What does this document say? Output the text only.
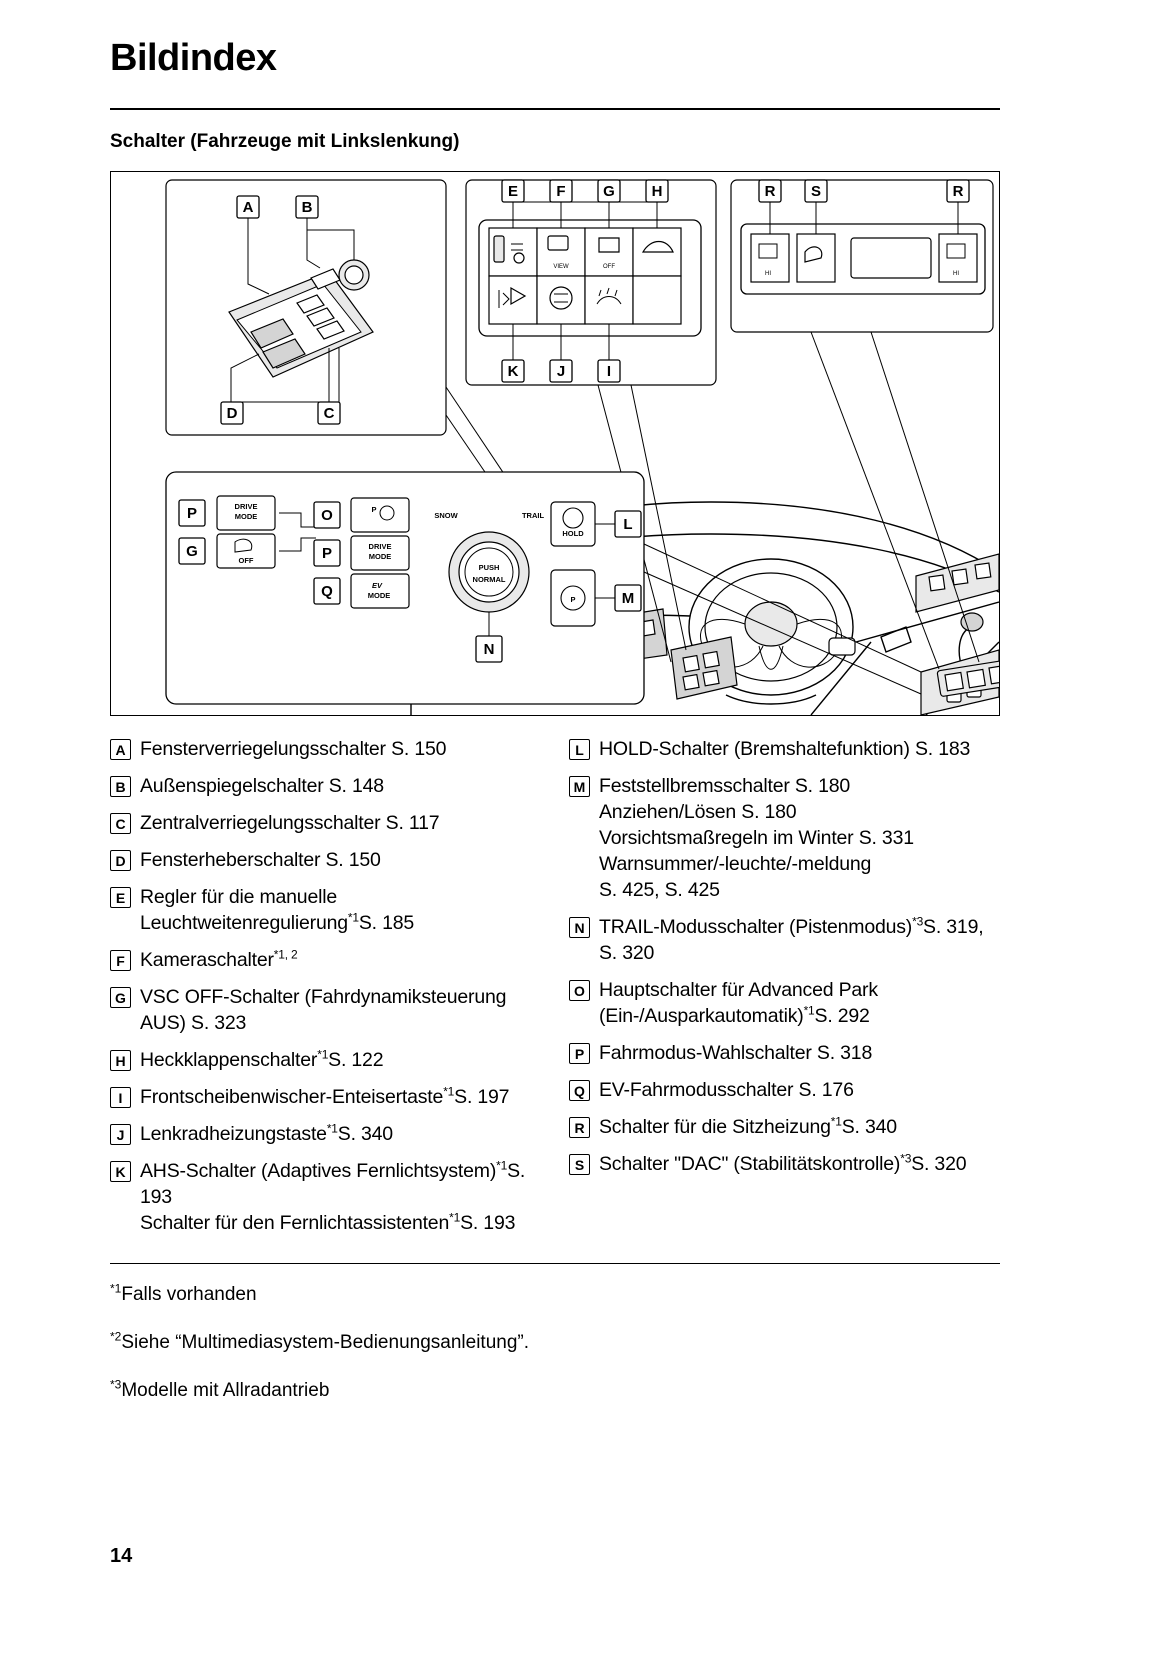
Bildindex
Schalter (Fahrzeuge mit Linkslenkung)
A	B
D	C
VIEW	OFF
E	F	G H
K	J	I
HI	HI
R S	R
P	DRIVE
MODE
G
OFF
O	P
P	DRIVE
MODE
Q	EV
MODE
SNOW	TRAIL
PUSH
NORMAL
N
HOLD
L
P	M
A Fensterverriegelungsschalter S. 150
B Außenspiegelschalter S. 148
C Zentralverriegelungsschalter S. 117
D Fensterheberschalter S. 150
E Regler für die manuelle Leuchtweitenregulierung$^{*1}$S. 185
F Kameraschalter$^{*1, 2}$
G VSC OFF-Schalter (Fahrdynamiksteuerung AUS) S. 323
H Heckklappenschalter$^{*1}$S. 122
I Frontscheibenwischer-Enteisertaste$^{*1}$S. 197
J Lenkradheizungstaste$^{*1}$S. 340
K AHS-Schalter (Adaptives Fernlichtsystem)$^{*1}$S. 193
Schalter für den Fernlichtassistenten$^{*1}$S. 193
L HOLD-Schalter (Bremshaltefunktion) S. 183
M Feststellbremsschalter S. 180
Anziehen/Lösen S. 180
Vorsichtsmaßregeln im Winter S. 331
Warnsummer/-leuchte/-meldung
S. 425, S. 425
N TRAIL-Modusschalter (Pistenmodus)$^{*3}$S. 319, S. 320
O Hauptschalter für Advanced Park (Ein-/Ausparkautomatik)$^{*1}$S. 292
P Fahrmodus-Wahlschalter S. 318
Q EV-Fahrmodusschalter S. 176
R Schalter für die Sitzheizung$^{*1}$S. 340
S Schalter "DAC" (Stabilitätskontrolle)$^{*3}$S. 320
$^{*1}$Falls vorhanden
$^{*2}$Siehe “Multimediasystem-Bedienungsanleitung”.
$^{*3}$Modelle mit Allradantrieb
14
